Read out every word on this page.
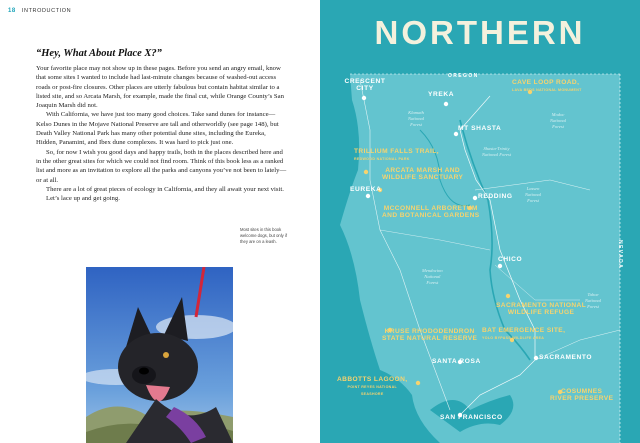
18 INTRODUCTION
“Hey, What About Place X?”

Your favorite place may not show up in these pages. Before you send an angry email, know that some sites I wanted to include had last-minute changes because of washed-out access roads or post-fire closures. Other places are utterly fabulous but contain habitat similar to a listed site, and so Arcata Marsh, for example, made the final cut, while Orange County’s San Joaquin Marsh did not.

With California, we have just too many good choices. Take sand dunes for instance—Kelso Dunes in the Mojave National Preserve are tall and otherworldly (see page 148), but Death Valley National Park has many other potential dune sites, including the Eureka, Hidden, Panamint, and Ibex dune complexes. It was hard to pick just one.

So, for now I wish you good days and happy trails, both in the places described here and in the other great sites for which we could not find room. Think of this book less as a ranked list and more as an invitation to explore all the parks and canyons you’ve not been to lately—or at all.

There are a lot of great pieces of ecology in California, and they all await your next visit.

Let’s lace up and get going.

Most sites in this book welcome dogs, but only if they are on a leash.
NORTHERN
OREGON
NEVADA
CRESCENT CITY
YREKA
MT SHASTA
EUREKA
REDDING
CHICO
SANTA ROSA
SACRAMENTO
SAN FRANCISCO
CAVE LOOP ROAD,
LAVA BEDS NATIONAL MONUMENT
TRILLIUM FALLS TRAIL,
REDWOOD NATIONAL PARK
ARCATA MARSH AND
WILDLIFE SANCTUARY
MCCONNELL ARBORETUM
AND BOTANICAL GARDENS
SACRAMENTO NATIONAL
WILDLIFE REFUGE
KRUSE RHODODENDRON
STATE NATURAL RESERVE
BAT EMERGENCE SITE,
YOLO BYPASS WILDLIFE AREA
ABBOTTS LAGOON,
POINT REYES NATIONAL
SEASHORE	COSUMNES
RIVER PRESERVE
Klamath
National
Forest
Modoc
National
Forest
Shasta-Trinity
National Forest
Lassen
National
Forest
Mendocino
National
Forest
Tahoe
National
Forest
